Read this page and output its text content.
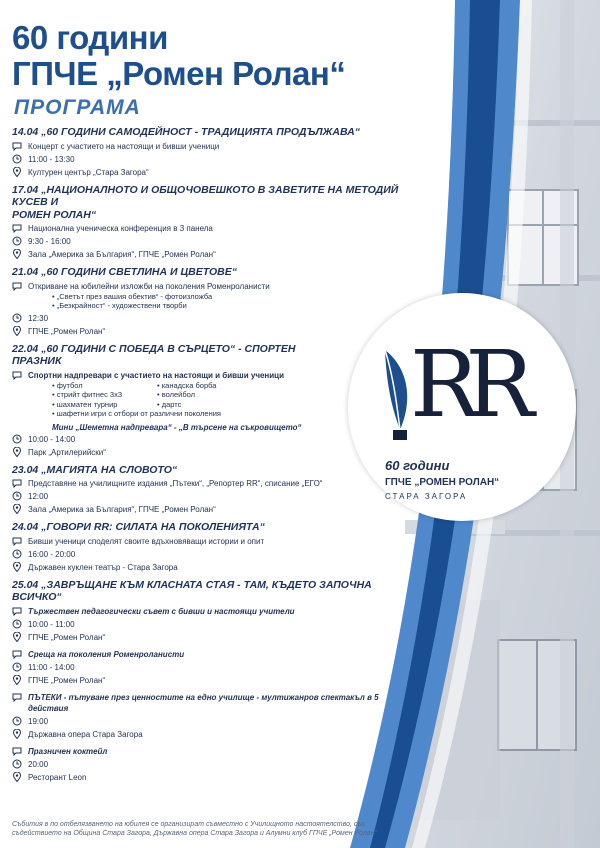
RR
60 години
ГПЧЕ „РОМЕН РОЛАН“
СТАРА ЗАГОРА
60 години
ГПЧЕ „Ромен Ролан“
ПРОГРАМА
14.04 „60 ГОДИНИ САМОДЕЙНОСТ - ТРАДИЦИЯТА ПРОДЪЛЖАВА“
Концерт с участието на настоящи и бивши ученици
11:00 - 13:30
Културен център „Стара Загора“
17.04 „НАЦИОНАЛНОТО И ОБЩОЧОВЕШКОТО В ЗАВЕТИТЕ НА МЕТОДИЙ КУСЕВ И
РОМЕН РОЛАН“
Национална ученическа конференция в 3 панела
9:30 - 16:00
Зала „Америка за България“, ГПЧЕ „Ромен Ролан“
21.04 „60 ГОДИНИ СВЕТЛИНА И ЦВЕТОВЕ“
Откриване на юбилейни изложби на поколения Роменроланисти
• „Светът през вашия обектив“ - фотоизложба
• „Безкрайност“ - художествени творби
12:30
ГПЧЕ „Ромен Ролан“
22.04 „60 ГОДИНИ С ПОБЕДА В СЪРЦЕТО“ - СПОРТЕН
ПРАЗНИК
Спортни надпревари с участието на настоящи и бивши ученици
• футбол
• стрийт фитнес 3х3
• шахматен турнир
• канадска борба
• волейбол
• дартс
• шафетни игри с отбори от различни поколения
Мини „Шеметна надпревара“ - „В търсене на съкровището“
10:00 - 14:00
Парк „Артилерийски“
23.04 „МАГИЯТА НА СЛОВОТО“
Представяне на училищните издания „Пътеки“, „Репортер RR“, списание „ЕГО“
12:00
Зала „Америка за България“, ГПЧЕ „Ромен Ролан“
24.04 „ГОВОРИ RR: СИЛАТА НА ПОКОЛЕНИЯТА“
Бивши ученици споделят своите вдъхновяващи истории и опит
16:00 - 20:00
Държавен куклен театър - Стара Загора
25.04 „ЗАВРЪЩАНЕ КЪМ КЛАСНАТА СТАЯ - ТАМ, КЪДЕТО ЗАПОЧНА ВСИЧКО“
Тържествен педагогически съвет с бивши и настоящи учители
10:00 - 11:00
ГПЧЕ „Ромен Ролан“
Среща на поколения Роменроланисти
11:00 - 14:00
ГПЧЕ „Ромен Ролан“
ПЪТЕКИ - пътуване през ценностите на едно училище - мултижанров спектакъл в 5 действия
19:00
Държавна опера Стара Загора
Празничен коктейл
20:00
Ресторант Leon
Събития в по отбелязването на юбилея се организират съвместно с Училищното настоятелство, със
съдействието на Община Стара Загора, Държавна опера Стара Загора и Алумни клуб ГПЧЕ „Ромен Ролан“
